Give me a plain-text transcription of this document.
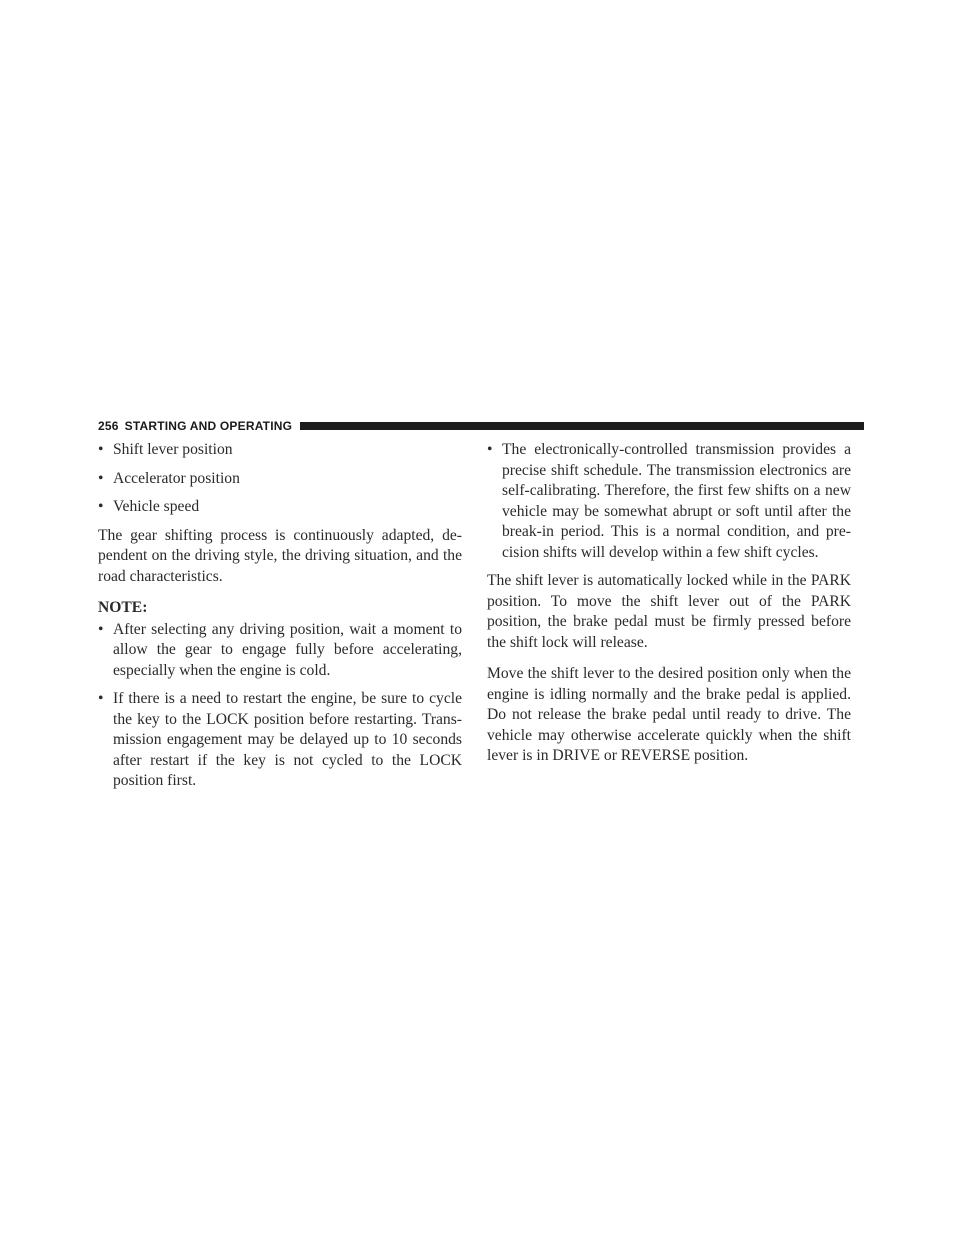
256 STARTING AND OPERATING
• Shift lever position
• Accelerator position
• Vehicle speed

The gear shifting process is continuously adapted, de-pendent on the driving style, the driving situation, and the road characteristics.

NOTE:
• After selecting any driving position, wait a moment to allow the gear to engage fully before accelerating, especially when the engine is cold.
• If there is a need to restart the engine, be sure to cycle the key to the LOCK position before restarting. Trans-mission engagement may be delayed up to 10 seconds after restart if the key is not cycled to the LOCK position first.
• The electronically-controlled transmission provides a precise shift schedule. The transmission electronics are self-calibrating. Therefore, the first few shifts on a new vehicle may be somewhat abrupt or soft until after the break-in period. This is a normal condition, and pre-cision shifts will develop within a few shift cycles.

The shift lever is automatically locked while in the PARK position. To move the shift lever out of the PARK position, the brake pedal must be firmly pressed before the shift lock will release.

Move the shift lever to the desired position only when the engine is idling normally and the brake pedal is applied. Do not release the brake pedal until ready to drive. The vehicle may otherwise accelerate quickly when the shift lever is in DRIVE or REVERSE position.
